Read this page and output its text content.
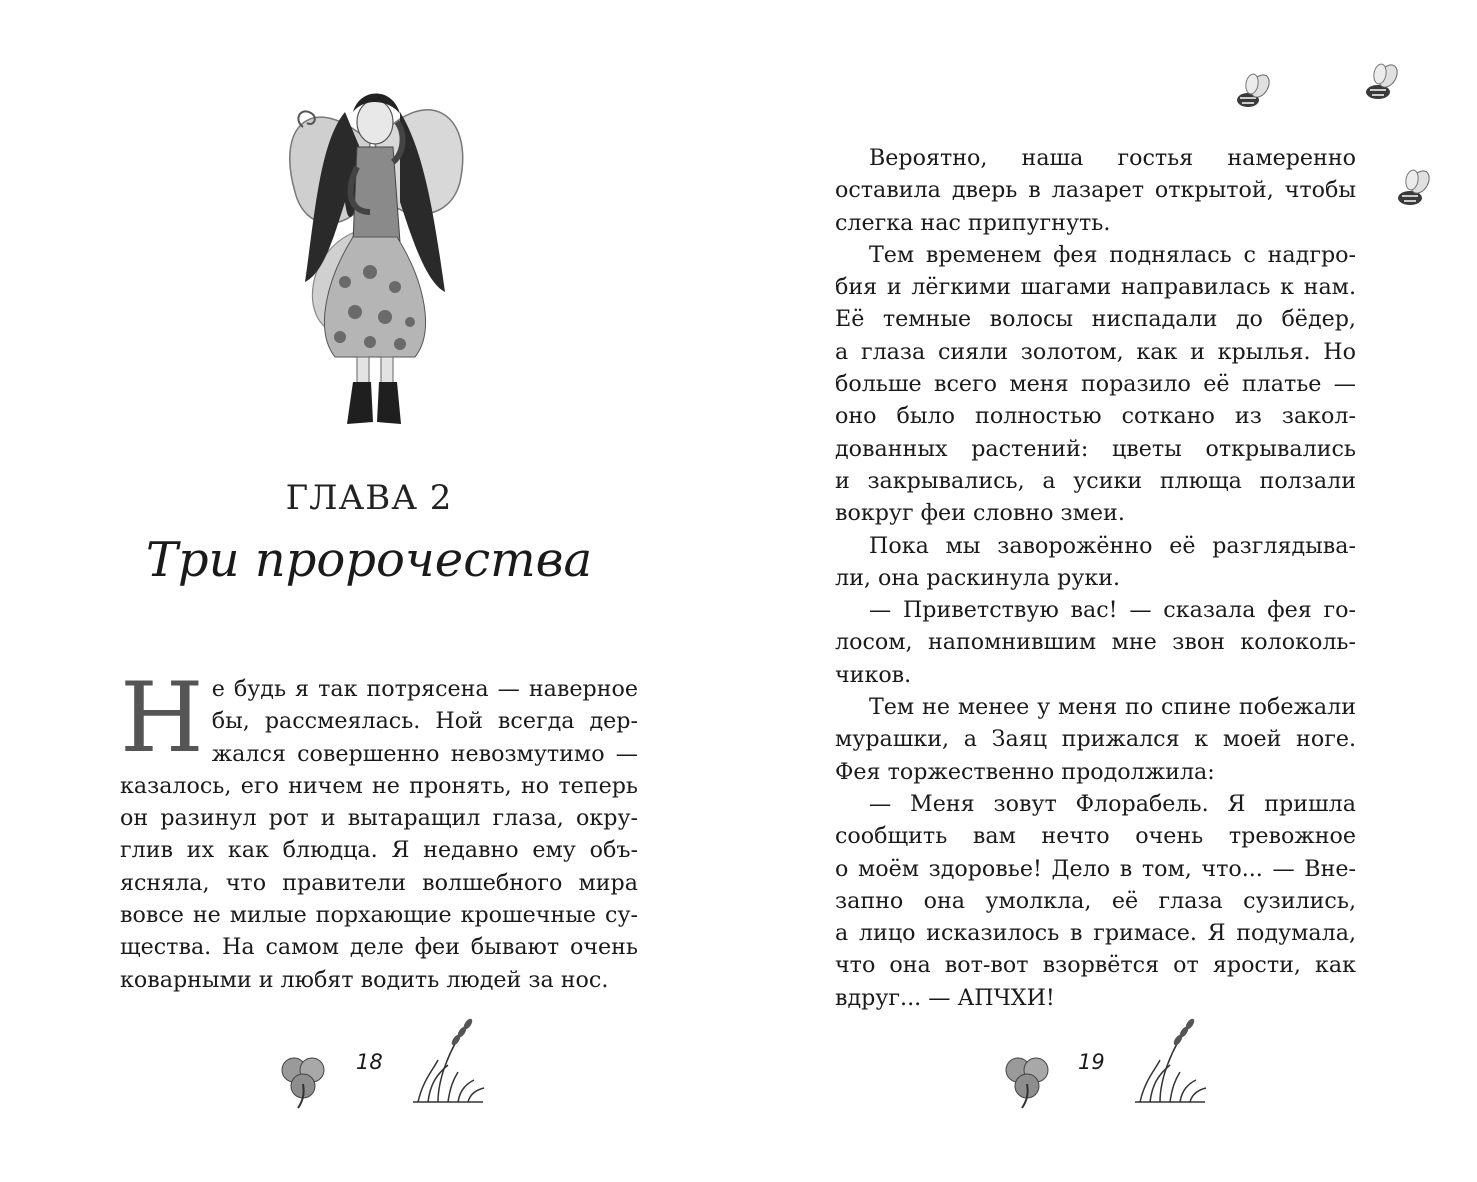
ГЛАВА 2
Три пророчества
Н е будь я так потрясена — наверное
бы, рассмеялась. Ной всегда дер-
жался совершенно невозмутимо —
казалось, его ничем не пронять, но теперь
он разинул рот и вытаращил глаза, окру-
глив их как блюдца. Я недавно ему объ-
ясняла, что правители волшебного мира
вовсе не милые порхающие крошечные су-
щества. На самом деле феи бывают очень
коварными и любят водить людей за нос.
18
Вероятно, наша гостья намеренно
оставила дверь в лазарет открытой, чтобы
слегка нас припугнуть.
Тем временем фея поднялась с надгро-
бия и лёгкими шагами направилась к нам.
Её темные волосы ниспадали до бёдер,
а глаза сияли золотом, как и крылья. Но
больше всего меня поразило её платье —
оно было полностью соткано из закол-
дованных растений: цветы открывались
и закрывались, а усики плюща ползали
вокруг феи словно змеи.
Пока мы заворожённо её разглядыва-
ли, она раскинула руки.
— Приветствую вас! — сказала фея го-
лосом, напомнившим мне звон колоколь-
чиков.
Тем не менее у меня по спине побежали
мурашки, а Заяц прижался к моей ноге.
Фея торжественно продолжила:
— Меня зовут Флорабель. Я пришла
сообщить вам нечто очень тревожное
о моём здоровье! Дело в том, что... — Вне-
запно она умолкла, её глаза сузились,
а лицо исказилось в гримасе. Я подумала,
что она вот-вот взорвётся от ярости, как
вдруг... — АПЧХИ!
19
